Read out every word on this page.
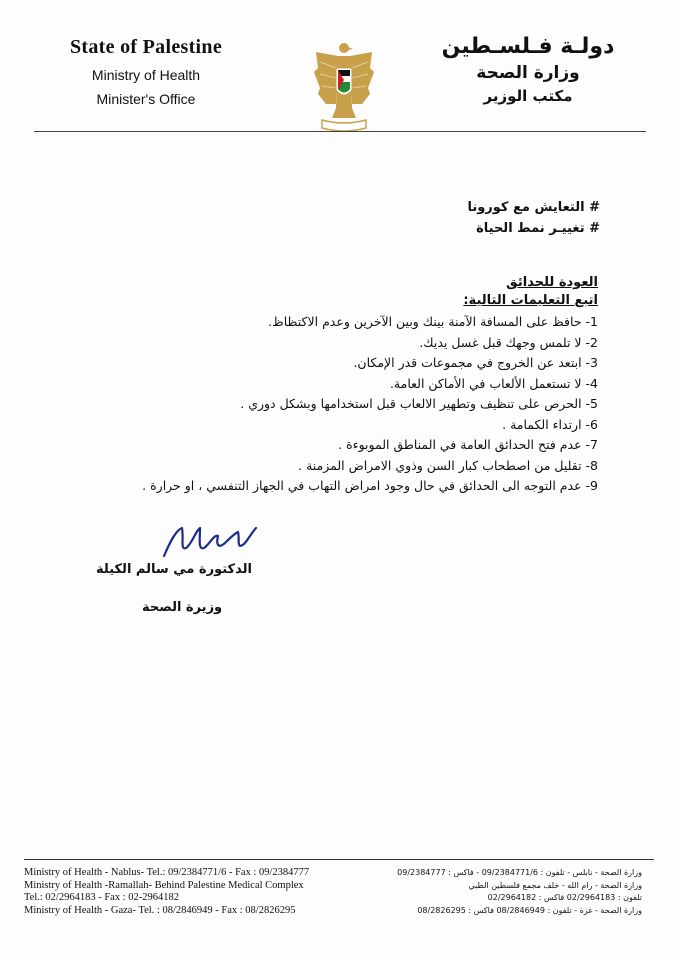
State of Palestine
Ministry of Health
Minister's Office
دولـة فـلسـطين
وزارة الصحة
مكتب الوزير
# التعايش مع كورونا
# تغييـر نمط الحياة
العودة للحدائق
اتبع التعليمات التالية:
1- حافظ على المسافة الآمنة بينك وبين الآخرين وعدم الاكتظاظ.
2- لا تلمس وجهك قبل غسل يديك.
3- ابتعد عن الخروج في مجموعات قدر الإمكان.
4- لا تستعمل الألعاب في الأماكن العامة.
5- الحرص على تنظيف وتطهير الالعاب قبل استخدامها وبشكل دوري .
6- ارتداء الكمامة .
7- عدم فتح الحدائق العامة في المناطق الموبوءة .
8- تقليل من اصطحاب كبار السن وذوي الامراض المزمنة .
9- عدم التوجه الى الحدائق في حال وجود امراض التهاب في الجهاز التنفسي ، او حرارة .
الدكتورة مي سالم الكيلة
وزيرة الصحة
Ministry of Health - Nablus- Tel.: 09/2384771/6 - Fax : 09/2384777
Ministry of Health -Ramallah- Behind Palestine Medical Complex
Tel.: 02/2964183 - Fax : 02-2964182
Ministry of Health - Gaza- Tel. : 08/2846949 - Fax : 08/2826295
وزارة الصحة - نابلس - تلفون : 09/2384771/6 - فاكس : 09/2384777
وزارة الصحة - رام الله - خلف مجمع فلسطين الطبي
تلفون : 02/2964183 فاكس : 02/2964182
وزارة الصحة - غزة - تلفون : 08/2846949 فاكس : 08/2826295
